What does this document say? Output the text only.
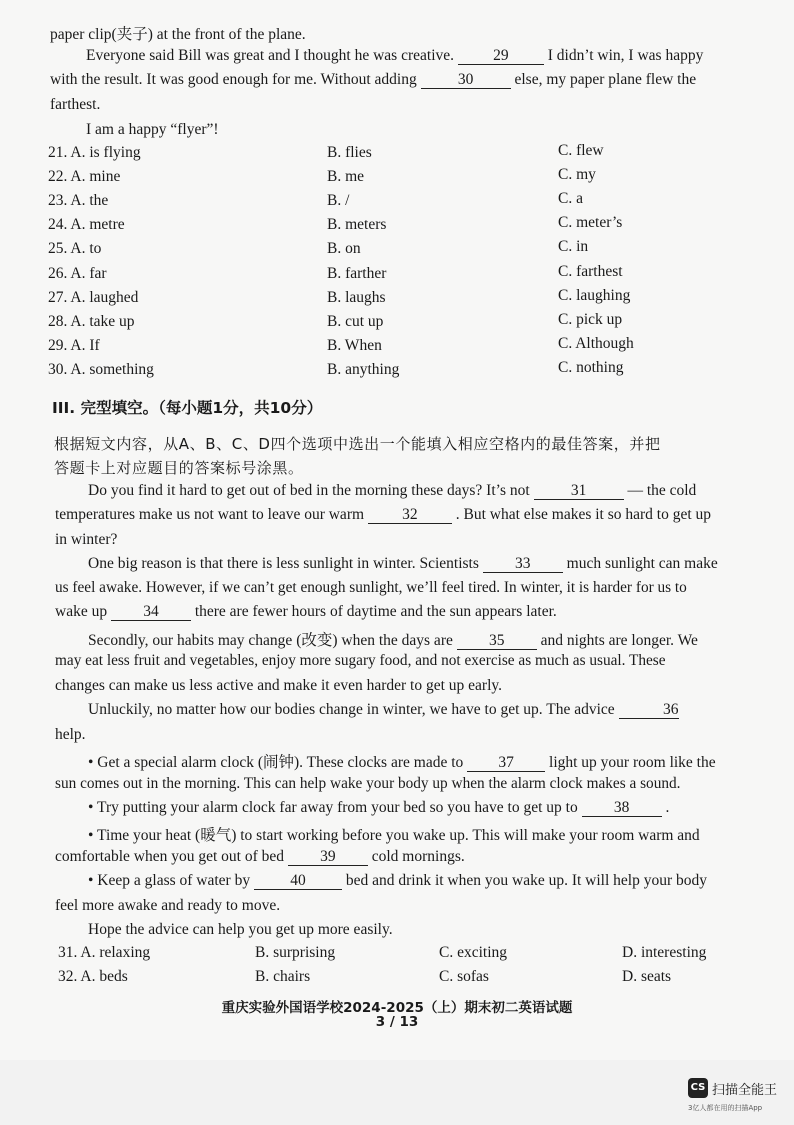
paper clip(夹子) at the front of the plane.
Everyone said Bill was great and I thought he was creative.	29	I didn’t win, I was happy
with the result. It was good enough for me. Without adding	30	else, my paper plane flew the
farthest.
I am a happy “flyer”!
21. A. is flying	B. flies	C. flew
22. A. mine	B. me	C. my
23. A. the	B. /	C. a
24. A. metre	B. meters	C. meter’s
25. A. to	B. on	C. in
26. A. far	B. farther	C. farthest
27. A. laughed	B. laughs	C. laughing
28. A. take up	B. cut up	C. pick up
29. A. If	B. When	C. Although
30. A. something	B. anything	C. nothing
III. 完型填空。（每小题1分，共10分）
根据短文内容，从A、B、C、D四个选项中选出一个能填入相应空格内的最佳答案，并把
答题卡上对应题目的答案标号涂黑。
Do you find it hard to get out of bed in the morning these days? It’s not	31	— the cold
temperatures make us not want to leave our warm 32 . But what else makes it so hard to get up
in winter?
One big reason is that there is less sunlight in winter. Scientists 33 much sunlight can make
us feel awake. However, if we can’t get enough sunlight, we’ll feel tired. In winter, it is harder for us to
wake up 34 there are fewer hours of daytime and the sun appears later.
Secondly, our habits may change (改变) when the days are 35 and nights are longer. We
may eat less fruit and vegetables, enjoy more sugary food, and not exercise as much as usual. These
changes can make us less active and make it even harder to get up early.
Unluckily, no matter how our bodies change in winter, we have to get up. The advice	36
help.
• Get a special alarm clock (闹钟). These clocks are made to 37 light up your room like the
sun comes out in the morning. This can help wake your body up when the alarm clock makes a sound.
• Try putting your alarm clock far away from your bed so you have to get up to 38 .
• Time your heat (暖气) to start working before you wake up. This will make your room warm and
comfortable when you get out of bed 39 cold mornings.
• Keep a glass of water by	40	bed and drink it when you wake up. It will help your body
feel more awake and ready to move.
Hope the advice can help you get up more easily.
31. A. relaxing	B. surprising	C. exciting	D. interesting
32. A. beds	B. chairs	C. sofas	D. seats
重庆实验外国语学校2024-2025（上）期末初二英语试题
3 / 13
CS 扫描全能王
3亿人都在用的扫描App
